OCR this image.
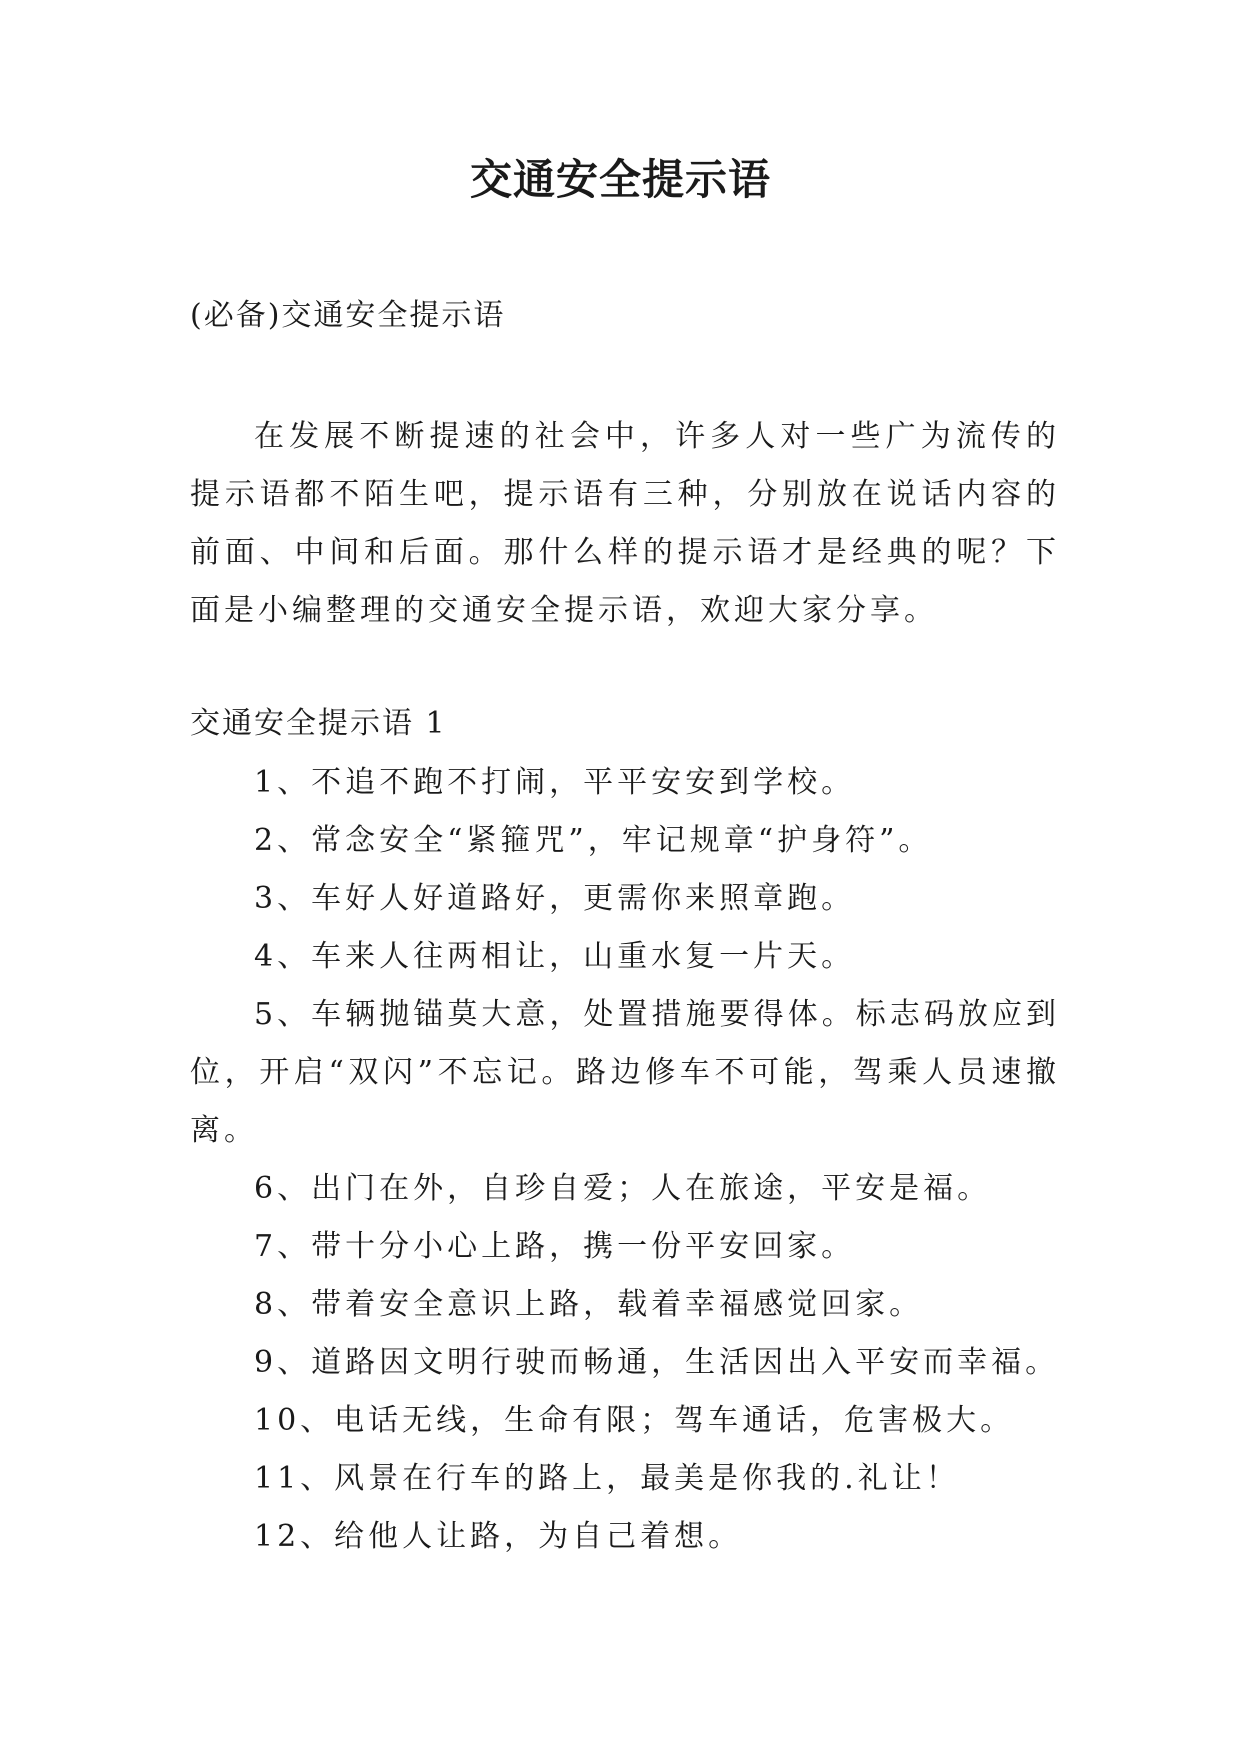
交通安全提示语

(必备)交通安全提示语

在发展不断提速的社会中，许多人对一些广为流传的提示语都不陌生吧，提示语有三种，分别放在说话内容的前面、中间和后面。那什么样的提示语才是经典的呢？下面是小编整理的交通安全提示语，欢迎大家分享。

交通安全提示语 1

1、不追不跑不打闹，平平安安到学校。
2、常念安全“紧箍咒”，牢记规章“护身符”。
3、车好人好道路好，更需你来照章跑。
4、车来人往两相让，山重水复一片天。
5、车辆抛锚莫大意，处置措施要得体。标志码放应到位，开启“双闪”不忘记。路边修车不可能，驾乘人员速撤离。
6、出门在外，自珍自爱；人在旅途，平安是福。
7、带十分小心上路，携一份平安回家。
8、带着安全意识上路，载着幸福感觉回家。
9、道路因文明行驶而畅通，生活因出入平安而幸福。
10、电话无线，生命有限；驾车通话，危害极大。
11、风景在行车的路上，最美是你我的.礼让！
12、给他人让路，为自己着想。
